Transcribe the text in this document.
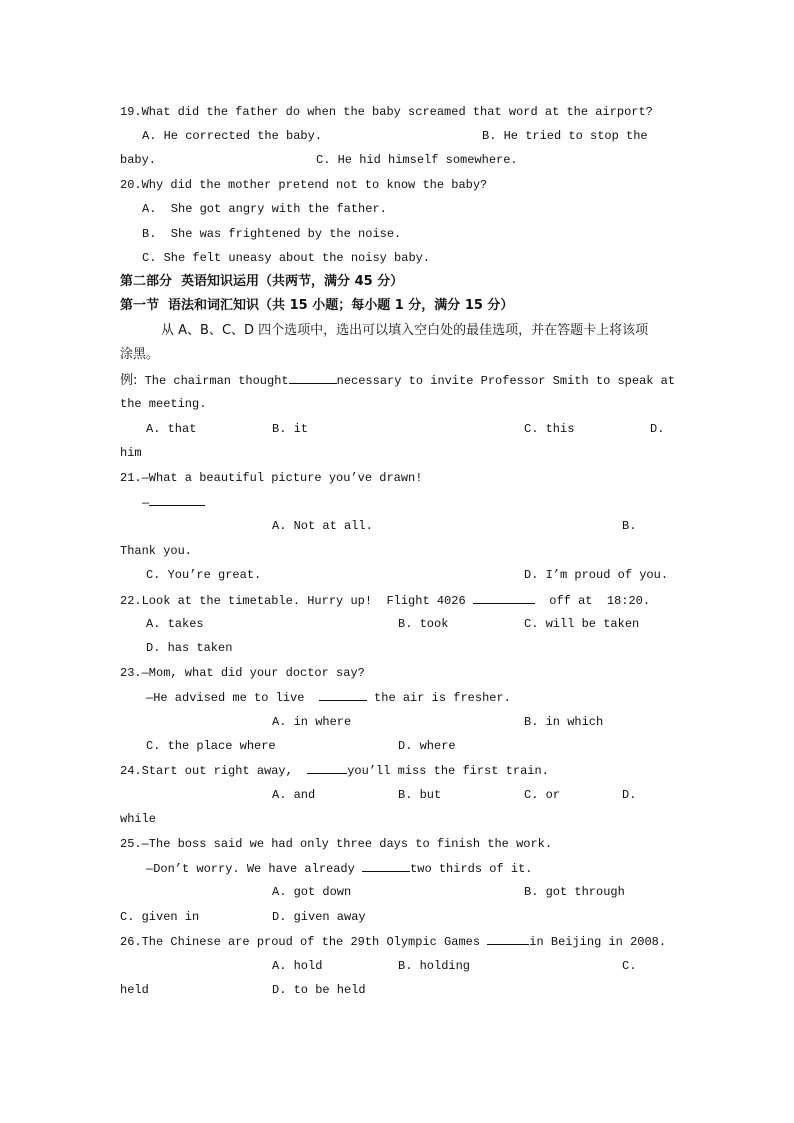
19.What did the father do when the baby screamed that word at the airport?
A. He corrected the baby.	B. He tried to stop the
baby.	C. He hid himself somewhere.
20.Why did the mother pretend not to know the baby?
A.  She got angry with the father.
B.  She was frightened by the noise.
C. She felt uneasy about the noisy baby.
第二部分  英语知识运用（共两节，满分 45 分）
第一节  语法和词汇知识（共 15 小题；每小题 1 分，满分 15 分）
从 A、B、C、D 四个选项中，选出可以填入空白处的最佳选项，并在答题卡上将该项
涂黑。
例: The chairman thought	necessary to invite Professor Smith to speak at
the meeting.
A. that	B. it	C. this	D.
him
21.—What a beautiful picture you’ve drawn!
—
A. Not at all.	B.
Thank you.
C. You’re great.	D. I’m proud of you.
22.Look at the timetable. Hurry up!  Flight 4026	off at  18:20.
A. takes	B. took	C. will be taken
D. has taken
23.—Mom, what did your doctor say?
—He advised me to live	the air is fresher.
A. in where	B. in which
C. the place where	D. where
24.Start out right away,	you’ll miss the first train.
A. and	B. but	C. or	D.
while
25.—The boss said we had only three days to finish the work.
—Don’t worry. We have already	two thirds of it.
A. got down	B. got through
C. given in	D. given away
26.The Chinese are proud of the 29th Olympic Games	in Beijing in 2008.
A. hold	B. holding	C.
held	D. to be held
